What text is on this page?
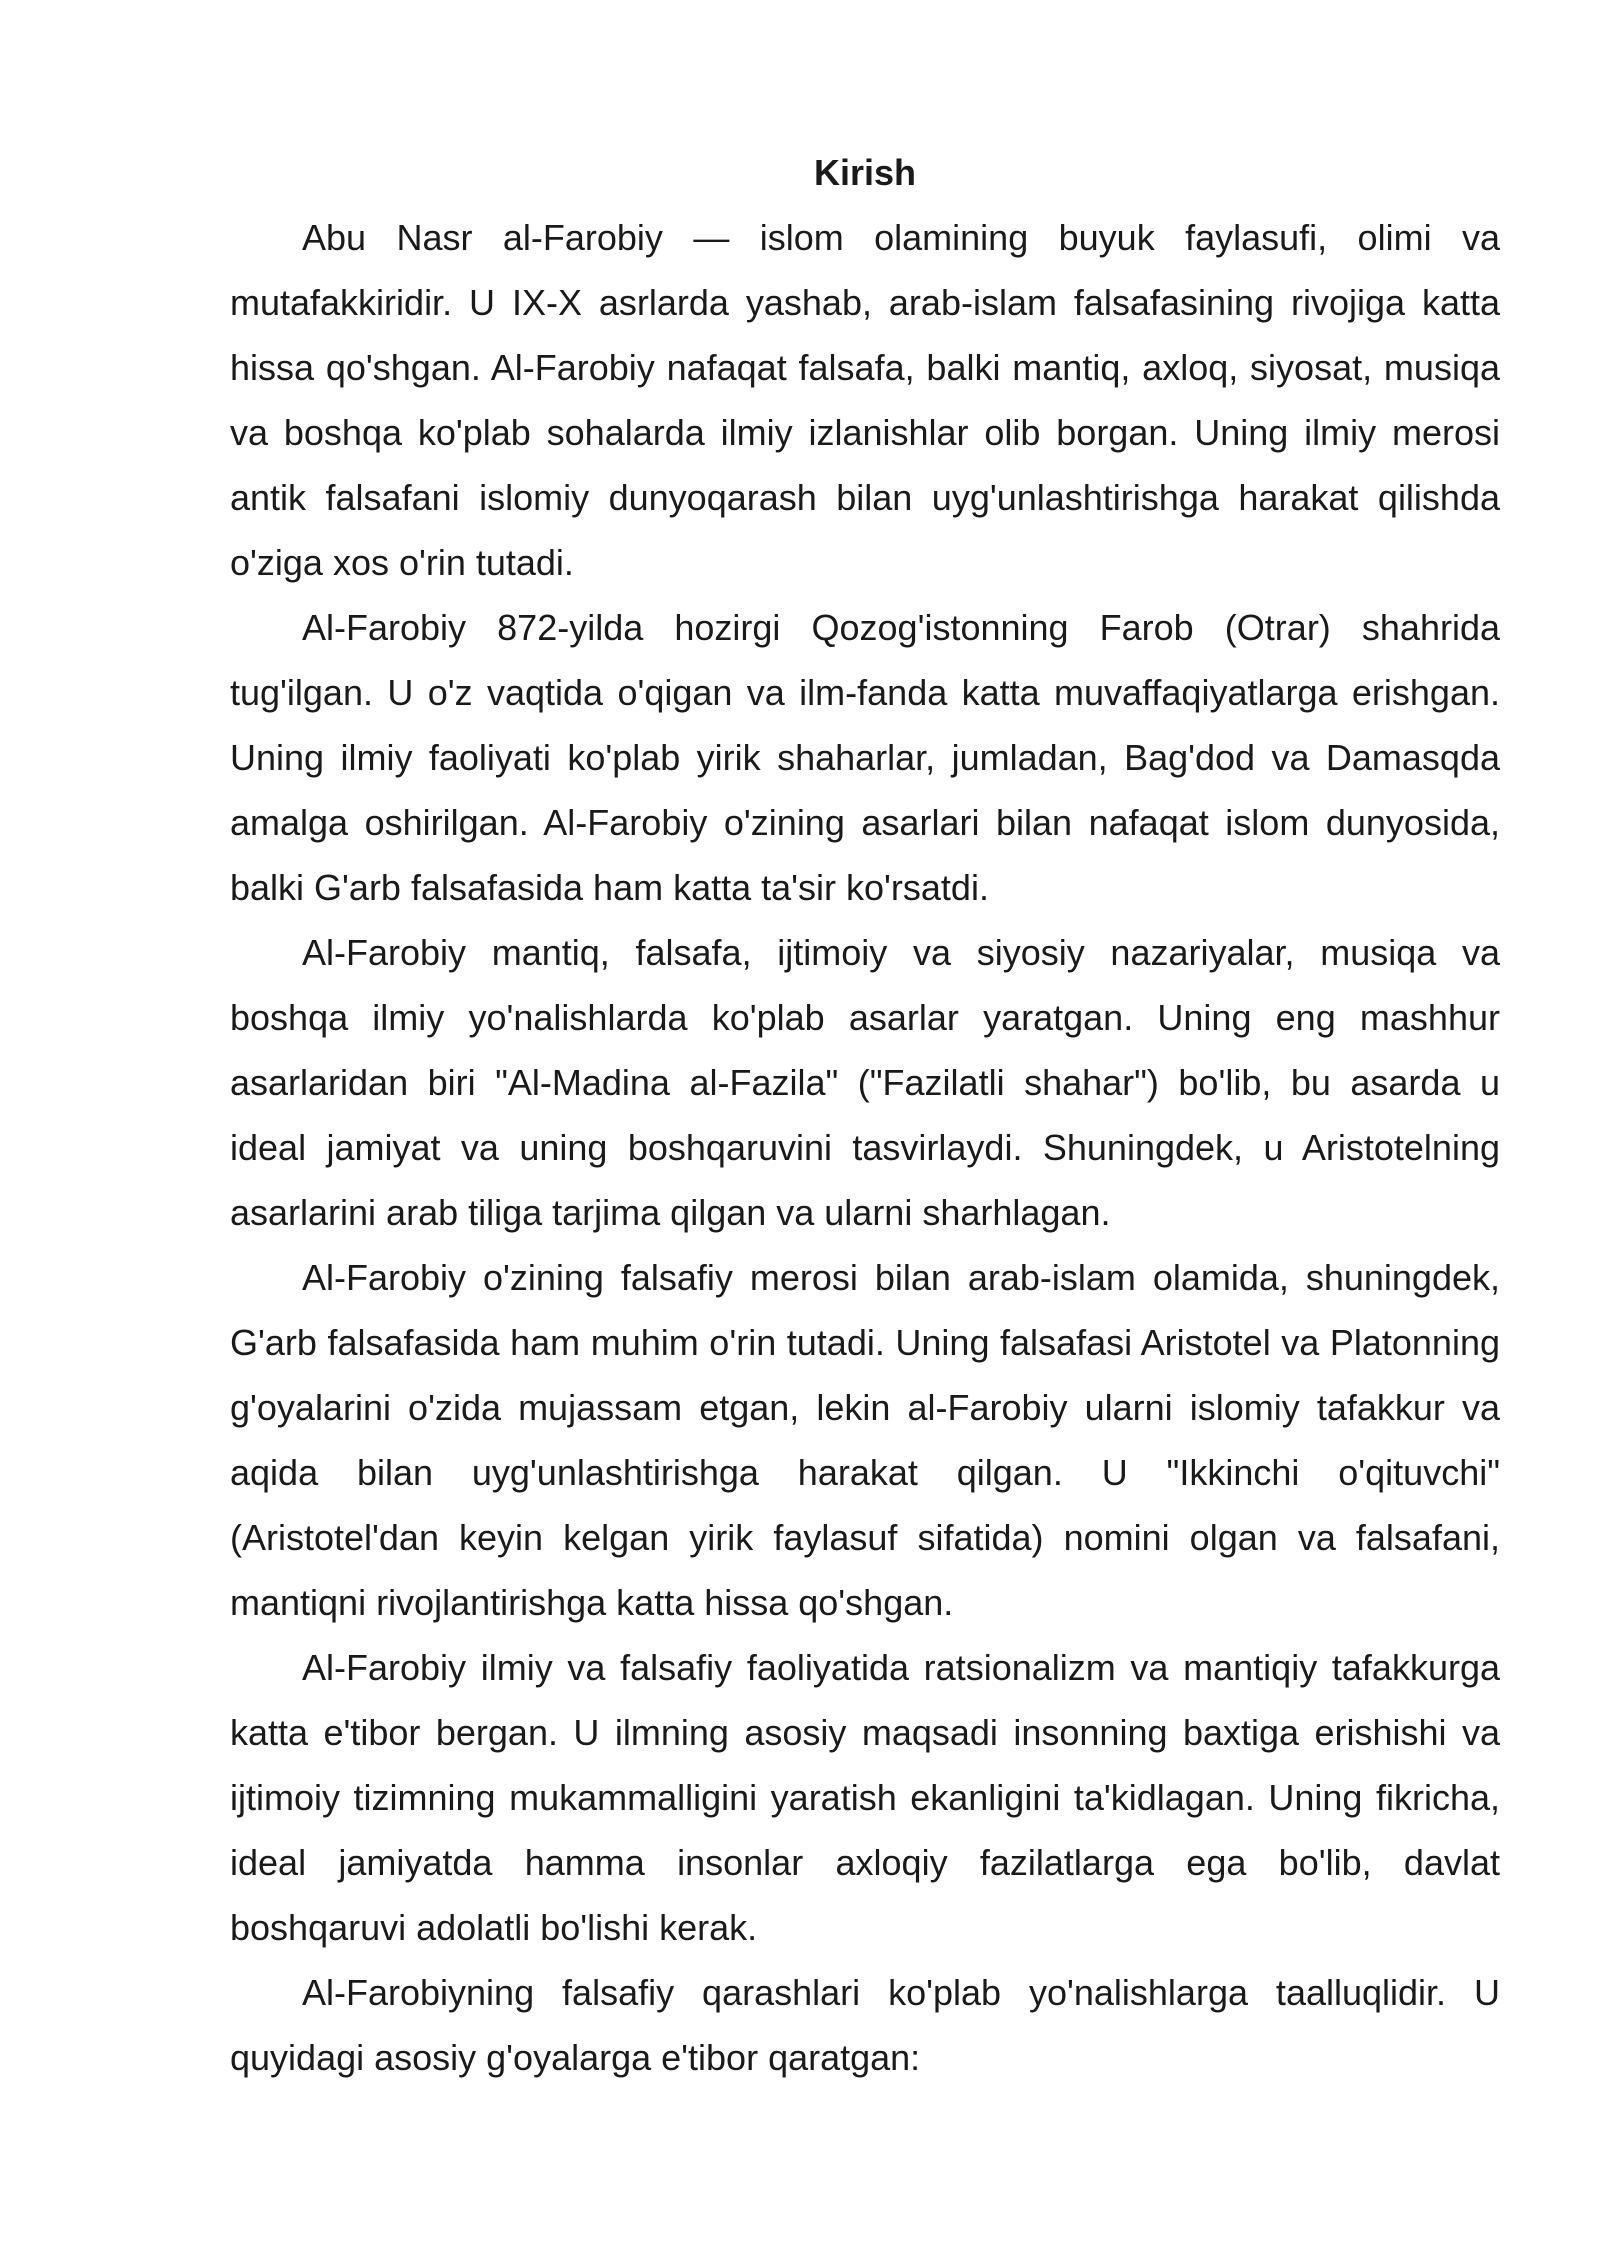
Kirish

Abu Nasr al-Farobiy — islom olamining buyuk faylasufi, olimi va mutafakkiridir. U IX-X asrlarda yashab, arab-islam falsafasining rivojiga katta hissa qo'shgan. Al-Farobiy nafaqat falsafa, balki mantiq, axloq, siyosat, musiqa va boshqa ko'plab sohalarda ilmiy izlanishlar olib borgan. Uning ilmiy merosi antik falsafani islomiy dunyoqarash bilan uyg'unlashtirishga harakat qilishda o'ziga xos o'rin tutadi.

Al-Farobiy 872-yilda hozirgi Qozog'istonning Farob (Otrar) shahrida tug'ilgan. U o'z vaqtida o'qigan va ilm-fanda katta muvaffaqiyatlarga erishgan. Uning ilmiy faoliyati ko'plab yirik shaharlar, jumladan, Bag'dod va Damasqda amalga oshirilgan. Al-Farobiy o'zining asarlari bilan nafaqat islom dunyosida, balki G'arb falsafasida ham katta ta'sir ko'rsatdi.

Al-Farobiy mantiq, falsafa, ijtimoiy va siyosiy nazariyalar, musiqa va boshqa ilmiy yo'nalishlarda ko'plab asarlar yaratgan. Uning eng mashhur asarlaridan biri "Al-Madina al-Fazila" ("Fazilatli shahar") bo'lib, bu asarda u ideal jamiyat va uning boshqaruvini tasvirlaydi. Shuningdek, u Aristotelning asarlarini arab tiliga tarjima qilgan va ularni sharhlagan.

Al-Farobiy o'zining falsafiy merosi bilan arab-islam olamida, shuningdek, G'arb falsafasida ham muhim o'rin tutadi. Uning falsafasi Aristotel va Platonning g'oyalarini o'zida mujassam etgan, lekin al-Farobiy ularni islomiy tafakkur va aqida bilan uyg'unlashtirishga harakat qilgan. U "Ikkinchi o'qituvchi" (Aristotel'dan keyin kelgan yirik faylasuf sifatida) nomini olgan va falsafani, mantiqni rivojlantirishga katta hissa qo'shgan.

Al-Farobiy ilmiy va falsafiy faoliyatida ratsionalizm va mantiqiy tafakkurga katta e'tibor bergan. U ilmning asosiy maqsadi insonning baxtiga erishishi va ijtimoiy tizimning mukammalligini yaratish ekanligini ta'kidlagan. Uning fikricha, ideal jamiyatda hamma insonlar axloqiy fazilatlarga ega bo'lib, davlat boshqaruvi adolatli bo'lishi kerak.

Al-Farobiyning falsafiy qarashlari ko'plab yo'nalishlarga taalluqlidir. U quyidagi asosiy g'oyalarga e'tibor qaratgan:
